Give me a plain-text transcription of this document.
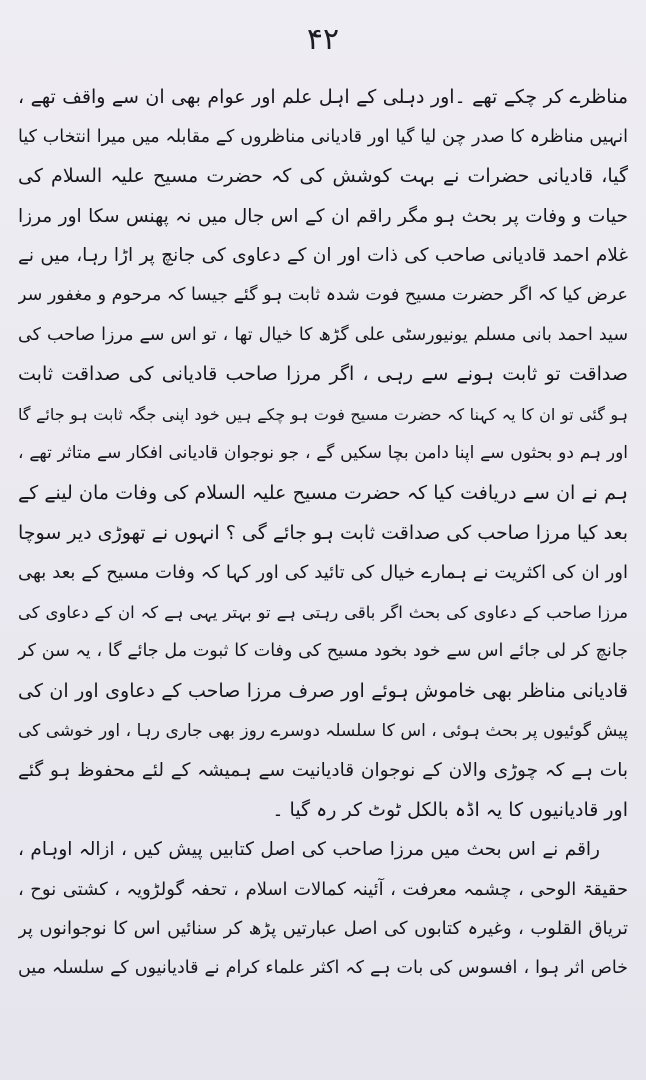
۴۲
مناظرے کر چکے تھے ۔اور دہلی کے اہل علم اور عوام بھی ان سے واقف تھے ،
انہیں مناظرہ کا صدر چن لیا گیا اور قادیانی مناظروں کے مقابلہ میں میرا انتخاب کیا
گیا، قادیانی حضرات نے بہت کوشش کی کہ حضرت مسیح علیہ السلام کی
حیات و وفات پر بحث ہو مگر راقم ان کے اس جال میں نہ پھنس سکا اور مرزا
غلام احمد قادیانی صاحب کی ذات اور ان کے دعاوی کی جانچ پر اڑا رہا، میں نے
عرض کیا کہ اگر حضرت مسیح فوت شدہ ثابت ہو گئے جیسا کہ مرحوم و مغفور سر
سید احمد بانی مسلم یونیورسٹی علی گڑھ کا خیال تھا ، تو اس سے مرزا صاحب کی
صداقت تو ثابت ہونے سے رہی ، اگر مرزا صاحب قادیانی کی صداقت ثابت
ہو گئی تو ان کا یہ کہنا کہ حضرت مسیح فوت ہو چکے ہیں خود اپنی جگہ ثابت ہو جائے گا
اور ہم دو بحثوں سے اپنا دامن بچا سکیں گے ، جو نوجوان قادیانی افکار سے متاثر تھے ،
ہم نے ان سے دریافت کیا کہ حضرت مسیح علیہ السلام کی وفات مان لینے کے
بعد کیا مرزا صاحب کی صداقت ثابت ہو جائے گی ؟ انہوں نے تھوڑی دیر سوچا
اور ان کی اکثریت نے ہمارے خیال کی تائید کی اور کہا کہ وفات مسیح کے بعد بھی
مرزا صاحب کے دعاوی کی بحث اگر باقی رہتی ہے تو بہتر یہی ہے کہ ان کے دعاوی کی
جانچ کر لی جائے اس سے خود بخود مسیح کی وفات کا ثبوت مل جائے گا ، یہ سن کر
قادیانی مناظر بھی خاموش ہوئے اور صرف مرزا صاحب کے دعاوی اور ان کی
پیش گوئیوں پر بحث ہوئی ، اس کا سلسلہ دوسرے روز بھی جاری رہا ، اور خوشی کی
بات ہے کہ چوڑی والان کے نوجوان قادیانیت سے ہمیشہ کے لئے محفوظ ہو گئے
اور قادیانیوں کا یہ اڈہ بالکل ٹوٹ کر رہ گیا ۔
راقم نے اس بحث میں مرزا صاحب کی اصل کتابیں پیش کیں ، ازالہ اوہام ،
حقیقۃ الوحی ، چشمہ معرفت ، آئینہ کمالات اسلام ، تحفہ گولڑویہ ، کشتی نوح ،
تریاق القلوب ، وغیرہ کتابوں کی اصل عبارتیں پڑھ کر سنائیں اس کا نوجوانوں پر
خاص اثر ہوا ، افسوس کی بات ہے کہ اکثر علماء کرام نے قادیانیوں کے سلسلہ میں
